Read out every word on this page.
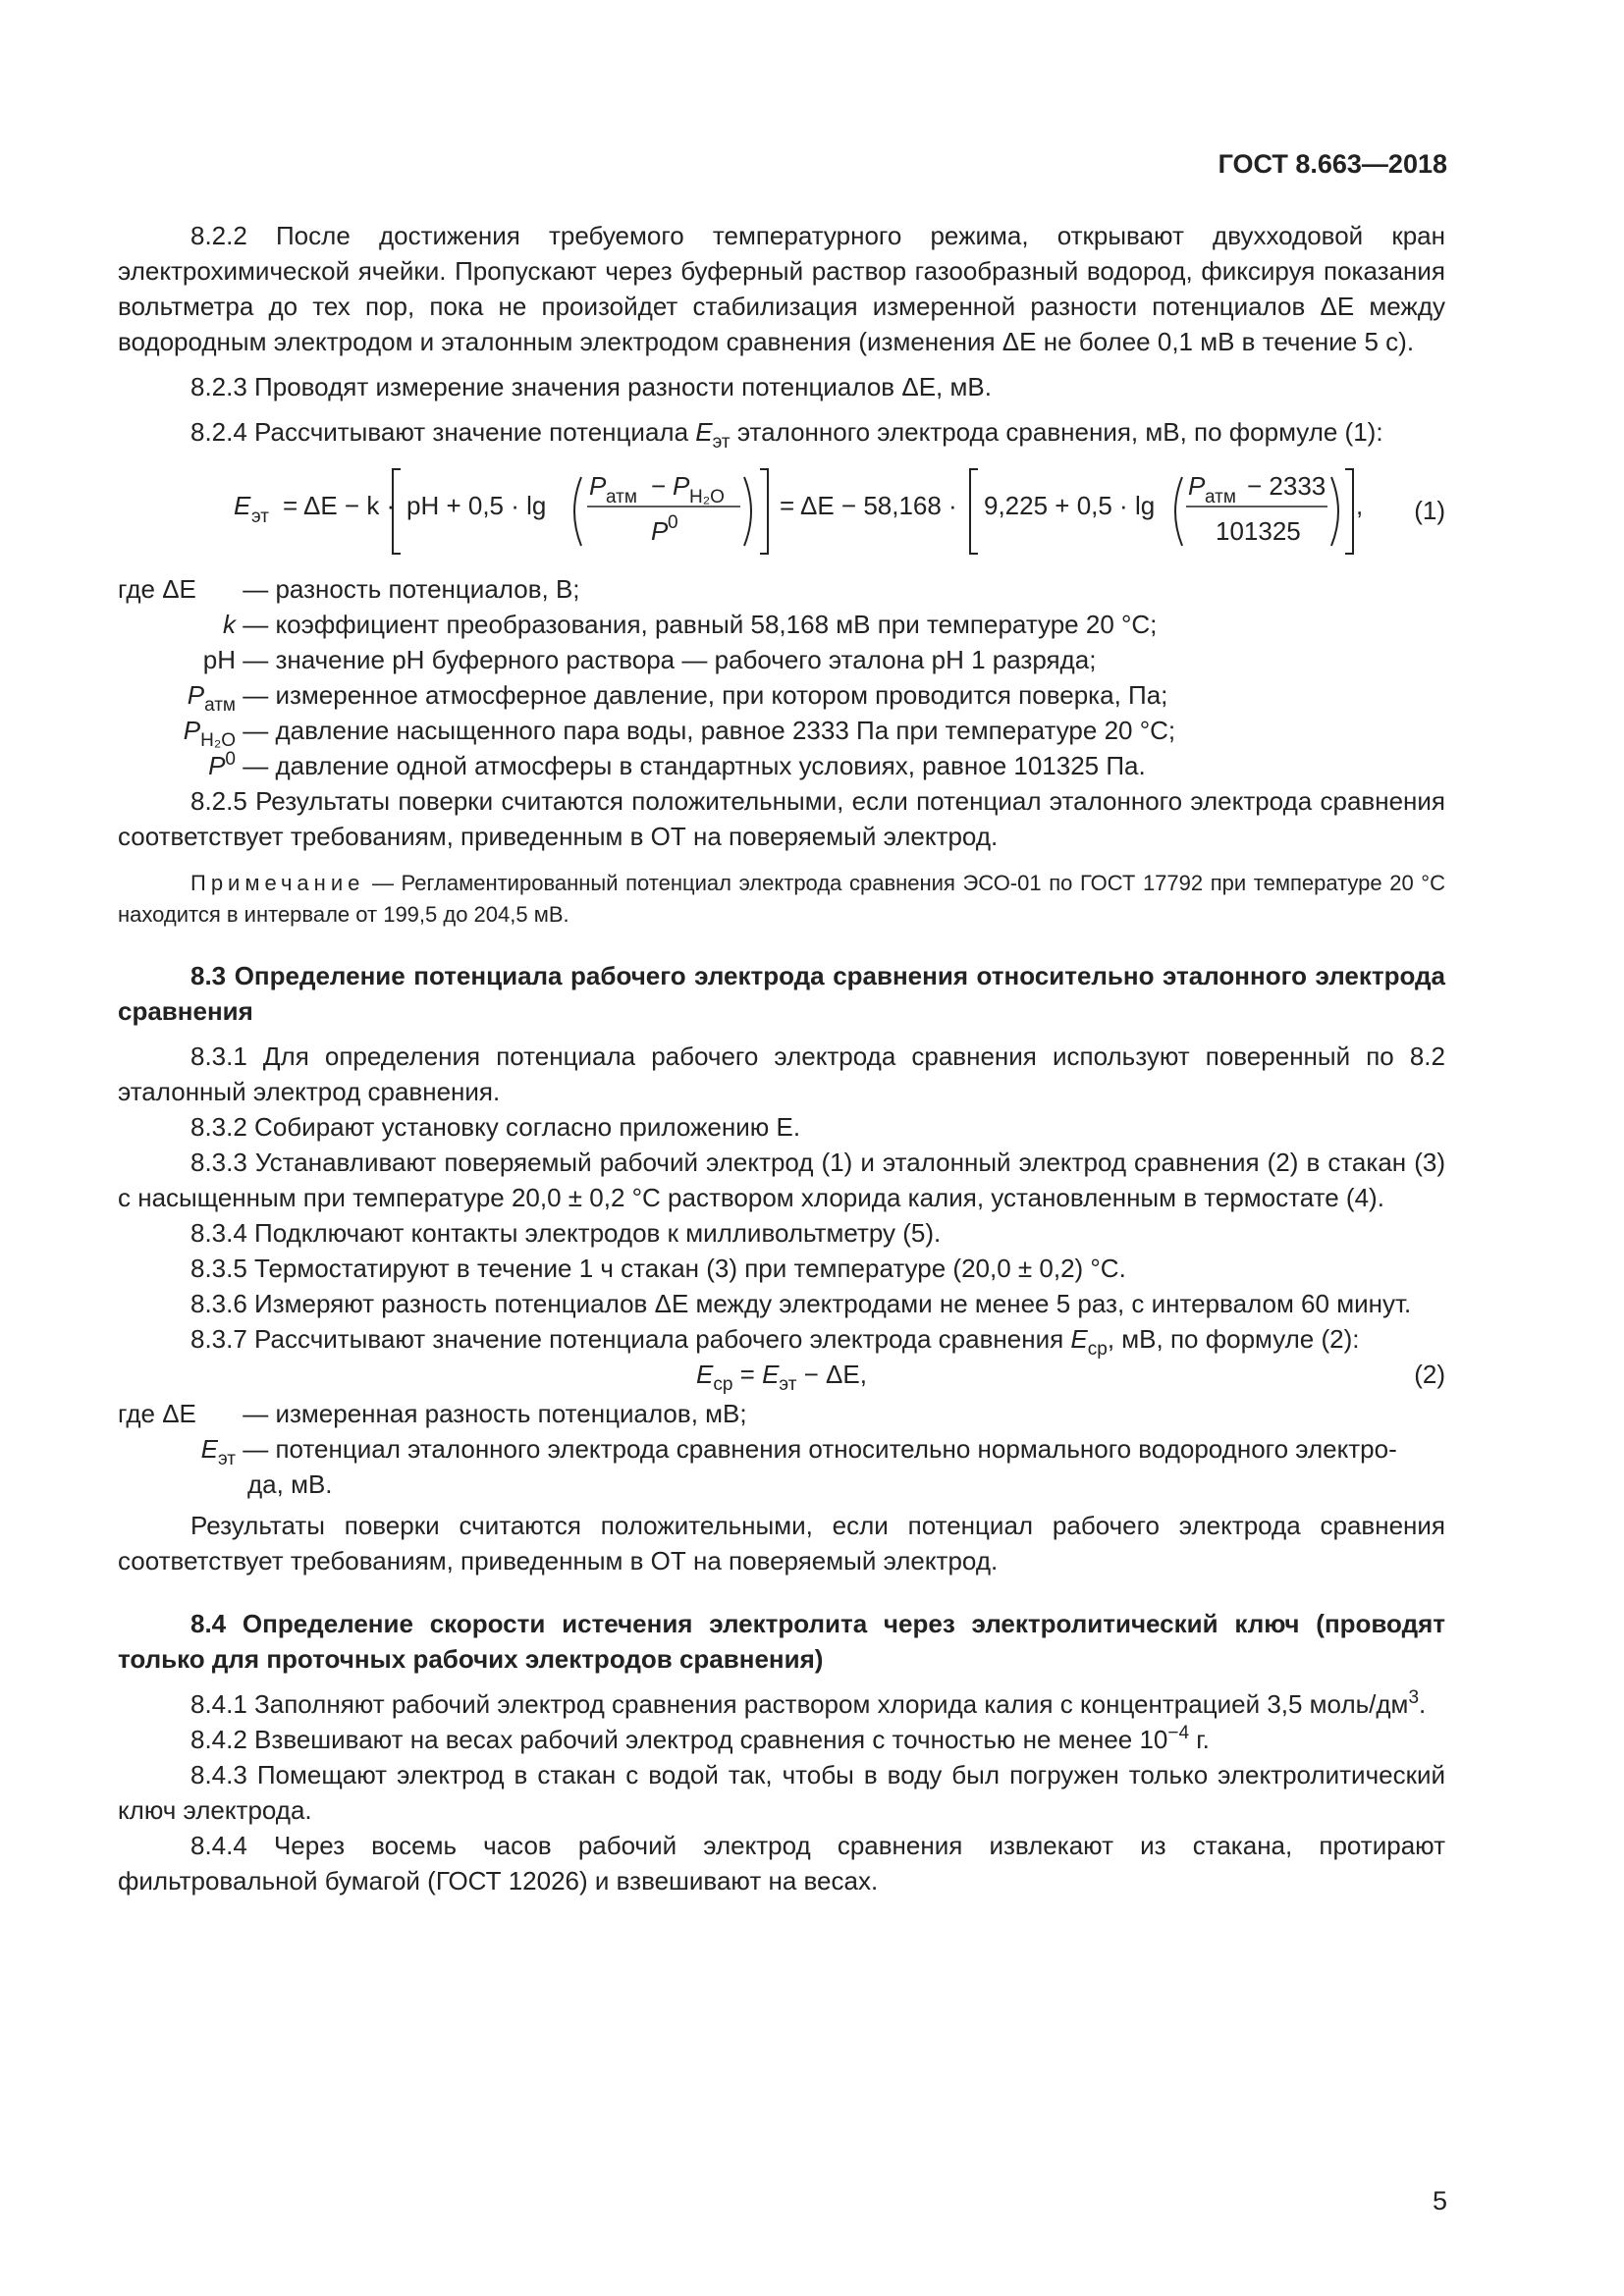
ГОСТ 8.663—2018

8.2.2 После достижения требуемого температурного режима, открывают двухходовой кран электрохимической ячейки. Пропускают через буферный раствор газообразный водород, фиксируя показания вольтметра до тех пор, пока не произойдет стабилизация измеренной разности потенциалов ΔE между водородным электродом и эталонным электродом сравнения (изменения ΔE не более 0,1 мВ в течение 5 с).

8.2.3 Проводят измерение значения разности потенциалов ΔE, мВ.

8.2.4 Рассчитывают значение потенциала $E_{эт}$ эталонного электрода сравнения, мВ, по формуле (1):

E эт = ΔE − k · pH + 0,5 · lg
P атм − P H₂O
P 0
= ΔE − 58,168 · 9,225 + 0,5 · lg
P атм − 2333
101325
, (1)
где ΔE	— разность потенциалов, В;
k — коэффициент преобразования, равный 58,168 мВ при температуре 20 °С;
pH — значение pH буферного раствора — рабочего эталона pH 1 разряда;
$P_{атм}$ — измеренное атмосферное давление, при котором проводится поверка, Па;
$P_{H_2O}$ — давление насыщенного пара воды, равное 2333 Па при температуре 20 °С;
$P^0$ — давление одной атмосферы в стандартных условиях, равное 101325 Па.

8.2.5 Результаты поверки считаются положительными, если потенциал эталонного электрода сравнения соответствует требованиям, приведенным в ОТ на поверяемый электрод.

Примечание — Регламентированный потенциал электрода сравнения ЭСО-01 по ГОСТ 17792 при температуре 20 °С находится в интервале от 199,5 до 204,5 мВ.

8.3 Определение потенциала рабочего электрода сравнения относительно эталонного электрода сравнения

8.3.1 Для определения потенциала рабочего электрода сравнения используют поверенный по 8.2 эталонный электрод сравнения.

8.3.2 Собирают установку согласно приложению Е.

8.3.3 Устанавливают поверяемый рабочий электрод (1) и эталонный электрод сравнения (2) в стакан (3) с насыщенным при температуре 20,0 ± 0,2 °С раствором хлорида калия, установленным в термостате (4).

8.3.4 Подключают контакты электродов к милливольтметру (5).

8.3.5 Термостатируют в течение 1 ч стакан (3) при температуре (20,0 ± 0,2) °С.

8.3.6 Измеряют разность потенциалов ΔE между электродами не менее 5 раз, с интервалом 60 минут.

8.3.7 Рассчитывают значение потенциала рабочего электрода сравнения $E_{ср}$, мВ, по формуле (2):

$E_{ср} = E_{эт} - \Delta E$,	(2)
где ΔE	— измеренная разность потенциалов, мВ;
$E_{эт}$ — потенциал эталонного электрода сравнения относительно нормального водородного электро-
да, мВ.

Результаты поверки считаются положительными, если потенциал рабочего электрода сравнения соответствует требованиям, приведенным в ОТ на поверяемый электрод.

8.4 Определение скорости истечения электролита через электролитический ключ (проводят только для проточных рабочих электродов сравнения)

8.4.1 Заполняют рабочий электрод сравнения раствором хлорида калия с концентрацией 3,5 моль/$дм^3$.

8.4.2 Взвешивают на весах рабочий электрод сравнения с точностью не менее $10^{-4}$ г.

8.4.3 Помещают электрод в стакан с водой так, чтобы в воду был погружен только электролитический ключ электрода.

8.4.4 Через восемь часов рабочий электрод сравнения извлекают из стакана, протирают фильтровальной бумагой (ГОСТ 12026) и взвешивают на весах.

5
